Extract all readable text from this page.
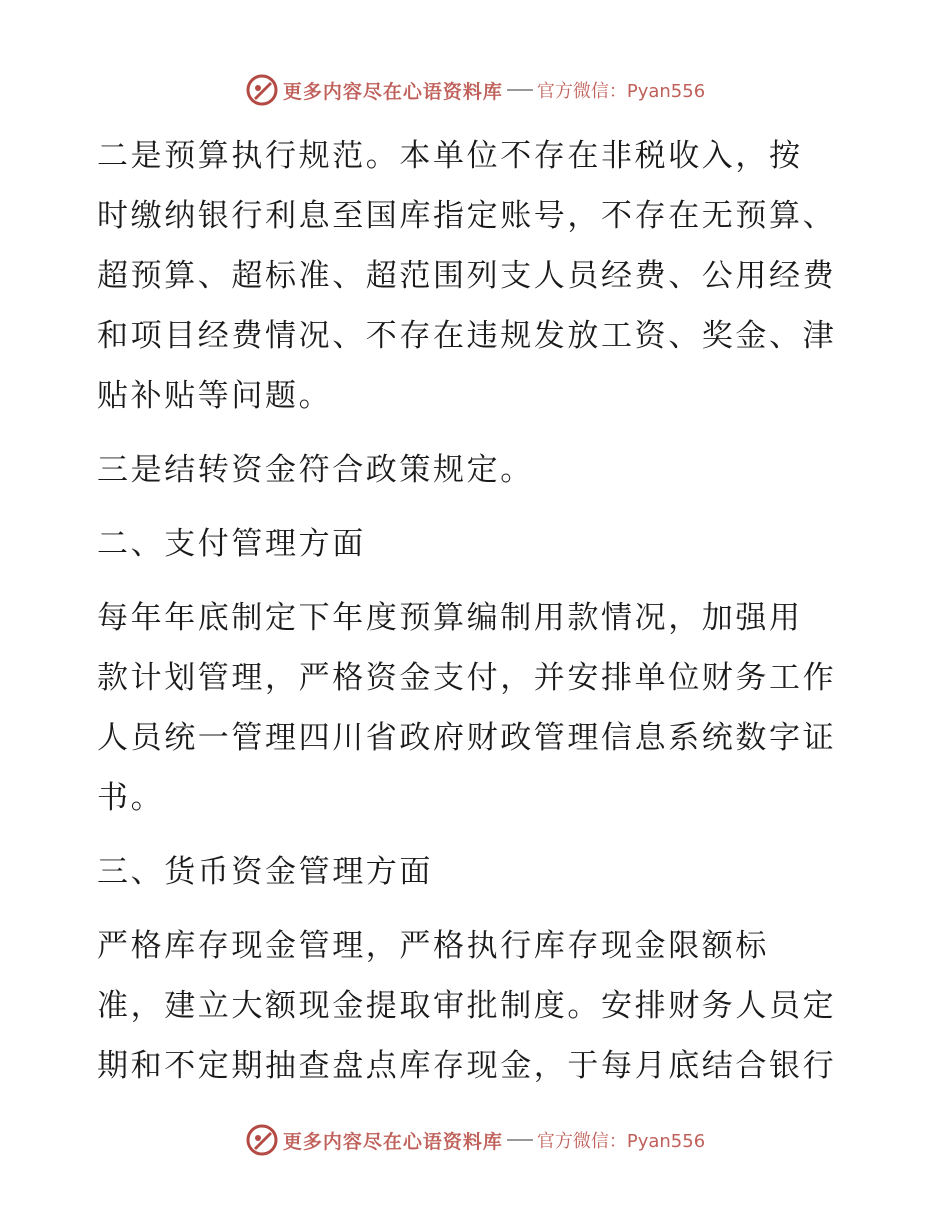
更多内容尽在心语资料库 官方微信：Pyan556

二是预算执行规范。本单位不存在非税收入，按
时缴纳银行利息至国库指定账号，不存在无预算、
超预算、超标准、超范围列支人员经费、公用经费
和项目经费情况、不存在违规发放工资、奖金、津
贴补贴等问题。

三是结转资金符合政策规定。

二、支付管理方面

每年年底制定下年度预算编制用款情况，加强用
款计划管理，严格资金支付，并安排单位财务工作
人员统一管理四川省政府财政管理信息系统数字证
书。

三、货币资金管理方面

严格库存现金管理，严格执行库存现金限额标
准，建立大额现金提取审批制度。安排财务人员定
期和不定期抽查盘点库存现金，于每月底结合银行

更多内容尽在心语资料库 官方微信：Pyan556
